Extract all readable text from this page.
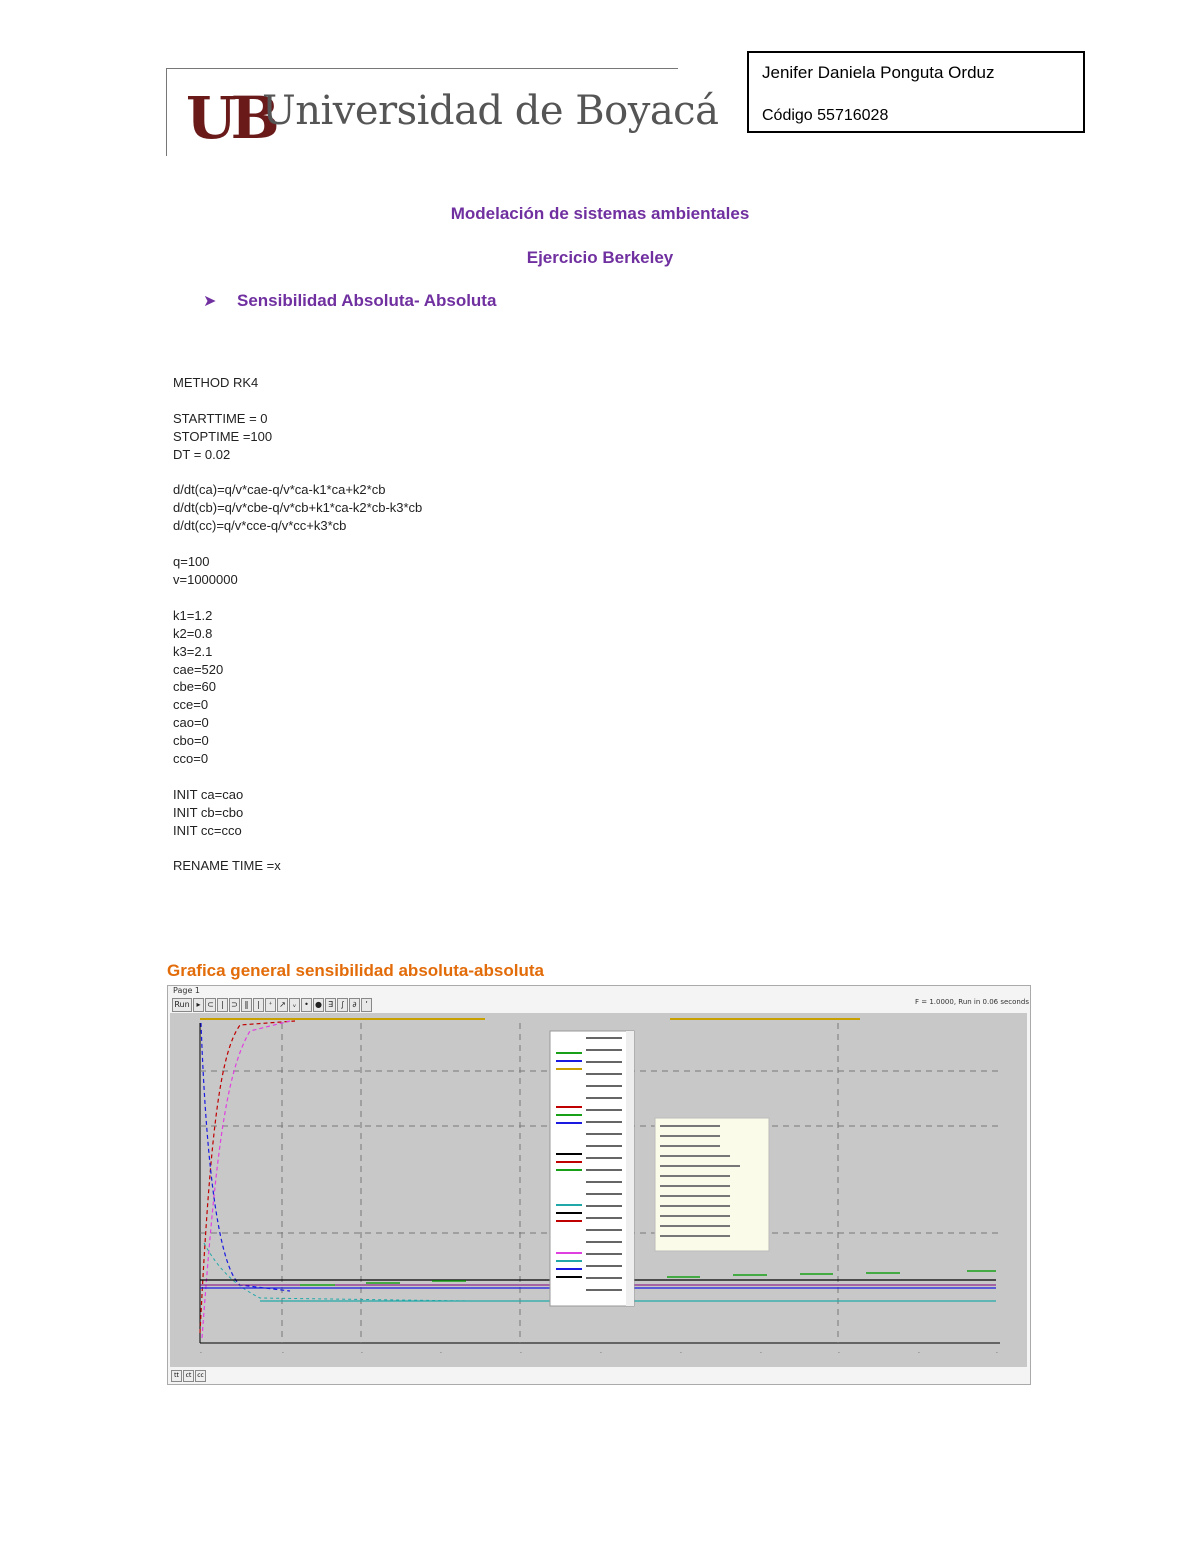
UB
Universidad de Boyacá
Jenifer Daniela Ponguta Orduz
Código 55716028
Modelación de sistemas ambientales
Ejercicio Berkeley
➤ Sensibilidad Absoluta- Absoluta
METHOD RK4

STARTTIME = 0
STOPTIME =100
DT = 0.02

d/dt(ca)=q/v*cae-q/v*ca-k1*ca+k2*cb
d/dt(cb)=q/v*cbe-q/v*cb+k1*ca-k2*cb-k3*cb
d/dt(cc)=q/v*cce-q/v*cc+k3*cb

q=100
v=1000000

k1=1.2
k2=0.8
k3=2.1
cae=520
cbe=60
cce=0
cao=0
cbo=0
cco=0

INIT ca=cao
INIT cb=cbo
INIT cc=cco

RENAME TIME =x
Grafica general sensibilidad absoluta-absoluta
Page 1
Run ▸ ⊂ | ⊃ ‖	|	⁺ ↗ ᵥ • ● ∃ ∫ ∂	ʼ	F = 1.0000, Run in 0.06 seconds
·	·	·	·	·	·	·	·	·	·	·
tt	ct cc
